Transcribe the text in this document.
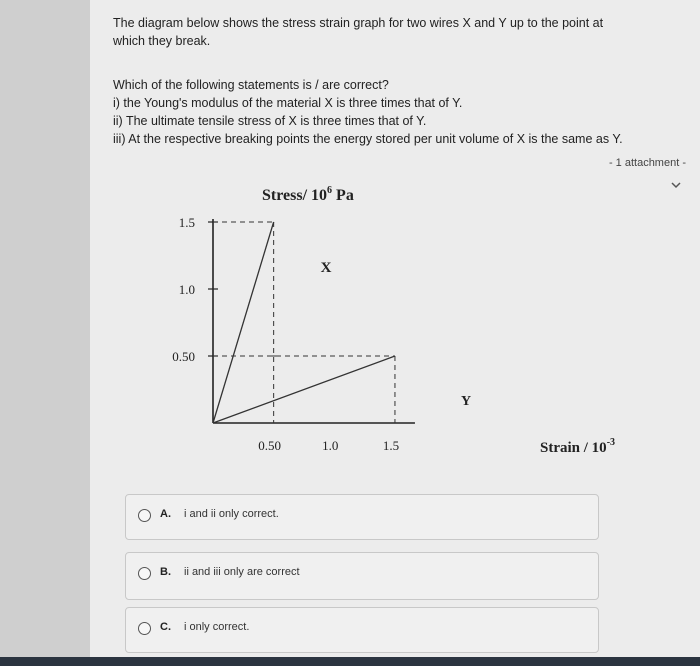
The diagram below shows the stress strain graph for two wires X and Y up to the point at
which they break.
Which of the following statements is / are correct?
i) the Young's modulus of the material X is three times that of Y.
ii) The ultimate tensile stress of X is three times that of Y.
iii) At the respective breaking points the energy stored per unit volume of X is the same as Y.
- 1 attachment -
1.5
1.0
0.50
0.50	1.0	1.5
X
Y
Stress/ $10^6$ Pa
Strain / $10^{-3}$
A. i and ii only correct.
B. ii and iii only are correct
C. i only correct.
